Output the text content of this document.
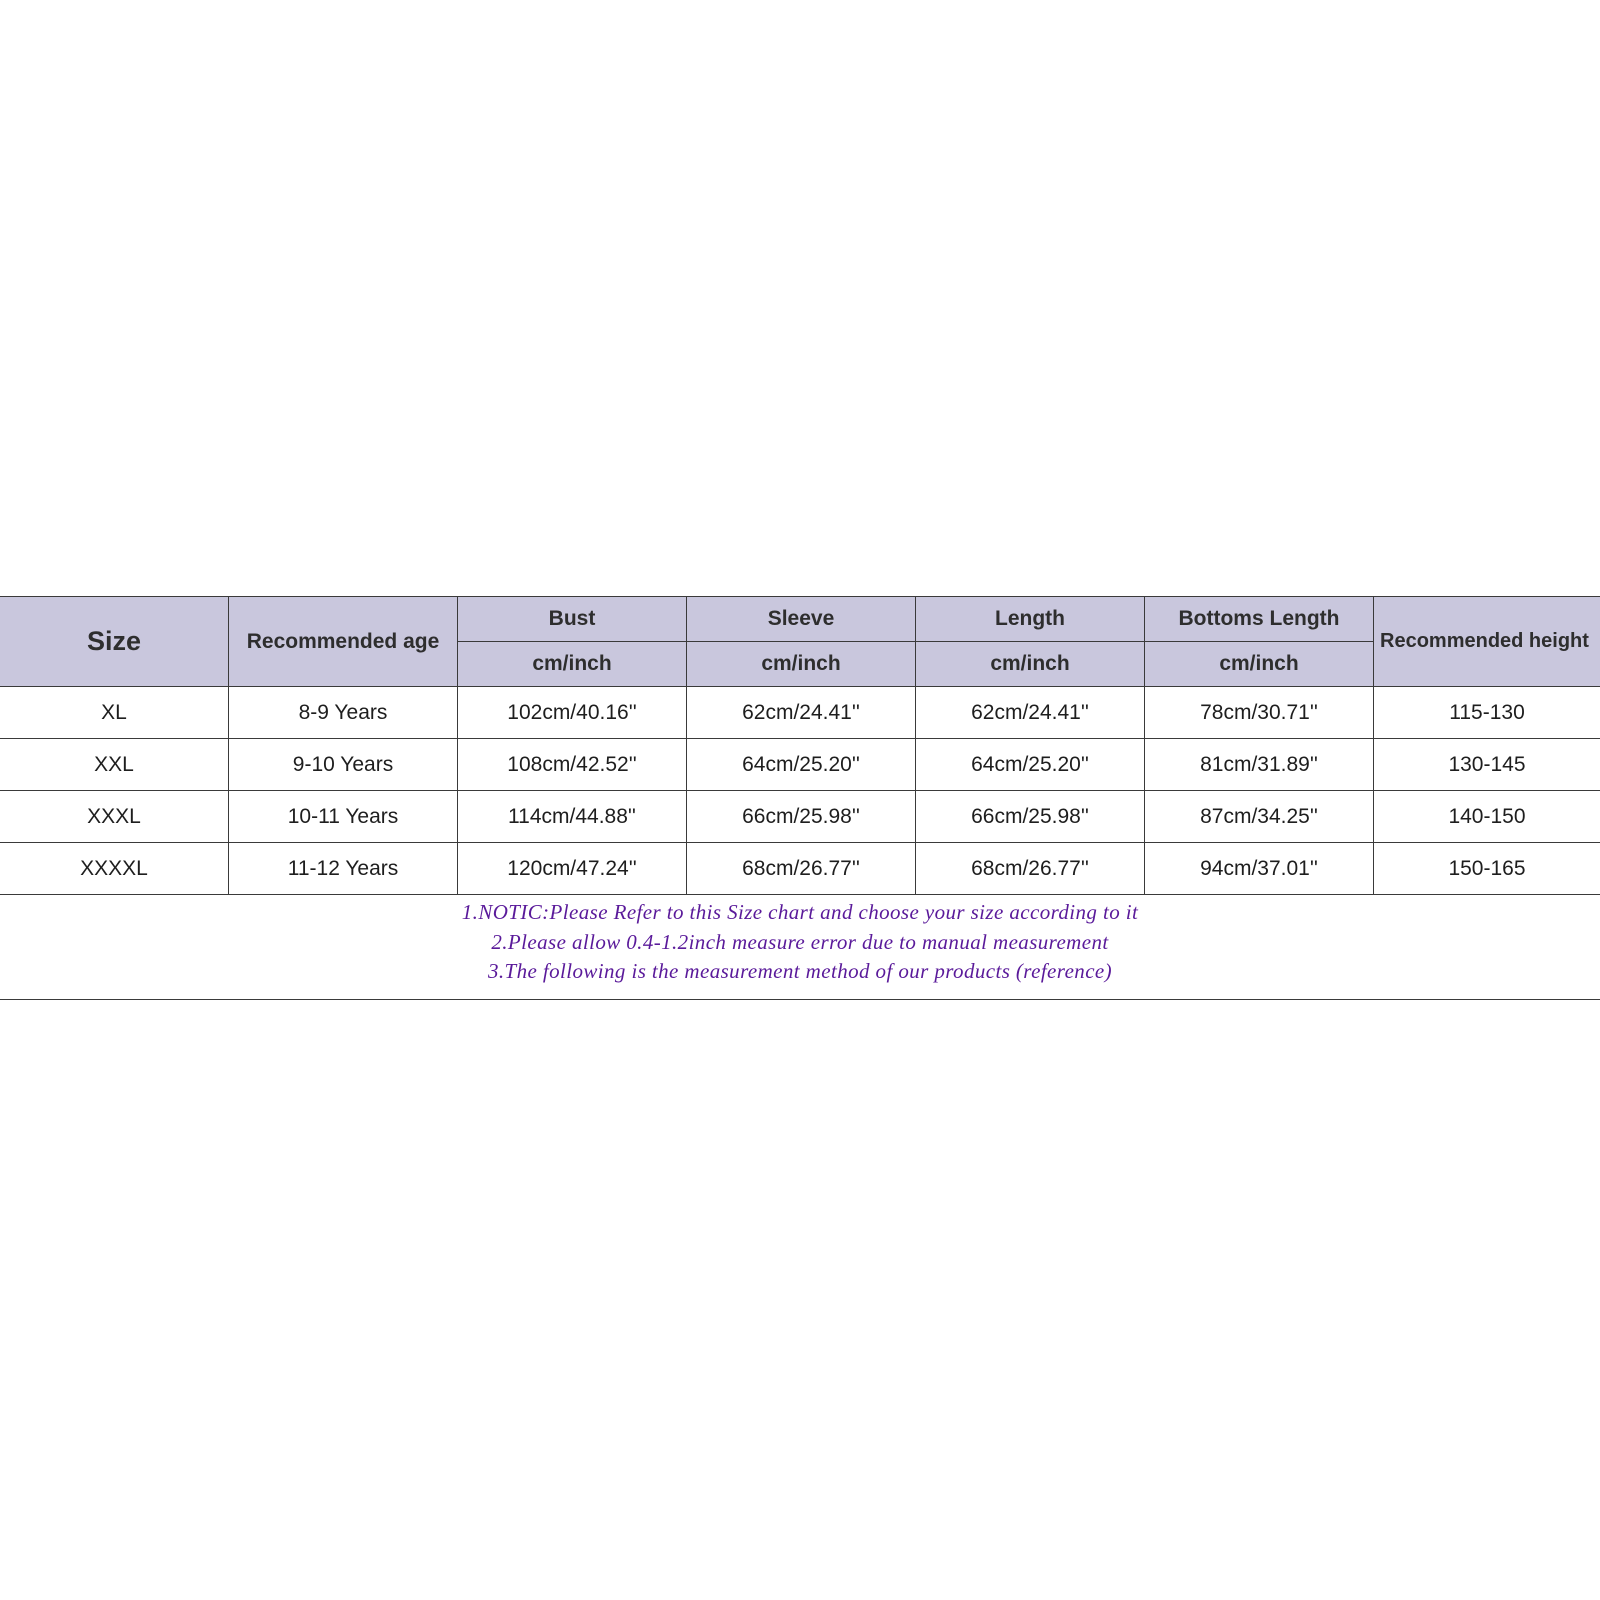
Size	Recommended age	Bust	Sleeve	Length	Bottoms Length	Recommended height
		cm/inch	cm/inch	cm/inch	cm/inch	
XL	8-9 Years	102cm/40.16''	62cm/24.41''	62cm/24.41''	78cm/30.71''	115-130
XXL	9-10 Years	108cm/42.52''	64cm/25.20''	64cm/25.20''	81cm/31.89''	130-145
XXXL	10-11 Years	114cm/44.88''	66cm/25.98''	66cm/25.98''	87cm/34.25''	140-150
XXXXL	11-12 Years	120cm/47.24''	68cm/26.77''	68cm/26.77''	94cm/37.01''	150-165
1.NOTIC:Please Refer to this Size chart and choose your size according to it
2.Please allow 0.4-1.2inch measure error due to manual measurement
3.The following is the measurement method of our products (reference)
